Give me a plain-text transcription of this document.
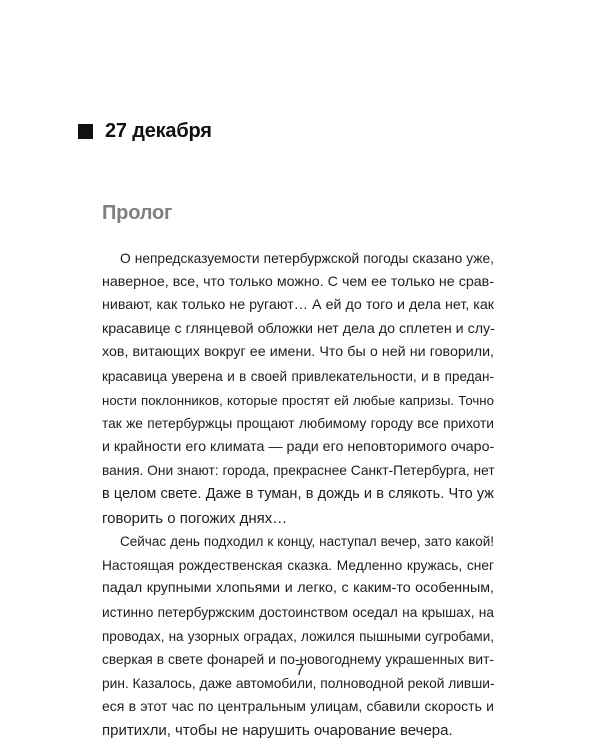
27 декабря
Пролог
О непредсказуемости петербуржской погоды сказано уже,
наверное, все, что только можно. С чем ее только не срав-
нивают, как только не ругают… А ей до того и дела нет, как
красавице с глянцевой обложки нет дела до сплетен и слу-
хов, витающих вокруг ее имени. Что бы о ней ни говорили,
красавица уверена и в своей привлекательности, и в предан-
ности поклонников, которые простят ей любые капризы. Точно
так же петербуржцы прощают любимому городу все прихоти
и крайности его климата — ради его неповторимого очаро-
вания. Они знают: города, прекраснее Санкт-Петербурга, нет
в целом свете. Даже в туман, в дождь и в слякоть. Что уж
говорить о погожих днях…
Сейчас день подходил к концу, наступал вечер, зато какой!
Настоящая рождественская сказка. Медленно кружась, снег
падал крупными хлопьями и легко, с каким-то особенным,
истинно петербуржским достоинством оседал на крышах, на
проводах, на узорных оградах, ложился пышными сугробами,
сверкая в свете фонарей и по-новогоднему украшенных вит-
рин. Казалось, даже автомобили, полноводной рекой ливши-
еся в этот час по центральным улицам, сбавили скорость и
притихли, чтобы не нарушить очарование вечера.
7
